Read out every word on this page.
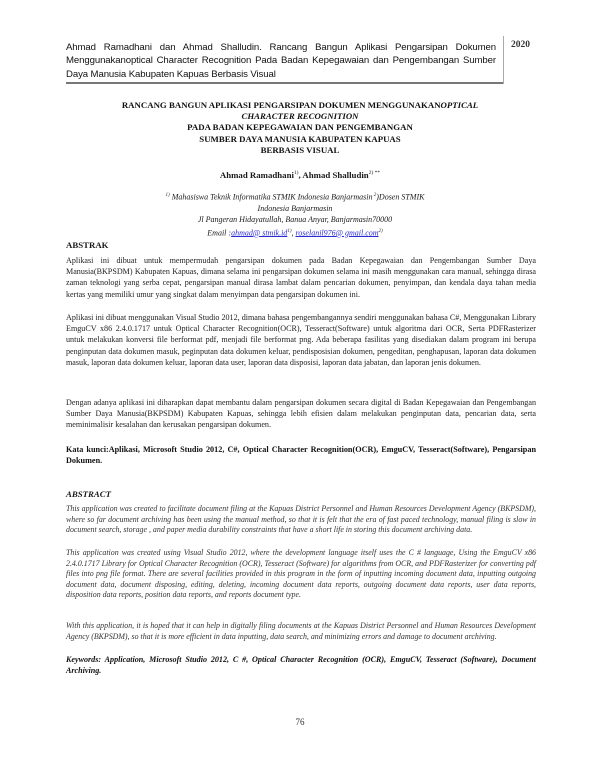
Ahmad Ramadhani dan Ahmad Shalludin. Rancang Bangun Aplikasi Pengarsipan Dokumen Menggunakanoptical Character Recognition Pada Badan Kepegawaian dan Pengembangan Sumber Daya Manusia Kabupaten Kapuas Berbasis Visual
2020
RANCANG BANGUN APLIKASI PENGARSIPAN DOKUMEN MENGGUNAKANOPTICAL
CHARACTER RECOGNITION
PADA BADAN KEPEGAWAIAN DAN PENGEMBANGAN
SUMBER DAYA MANUSIA KABUPATEN KAPUAS
BERBASIS VISUAL
Ahmad Ramadhani$^{1)}$, Ahmad Shalludin$^{2) **}$
$^{1)}$ Mahasiswa Teknik Informatika STMIK Indonesia Banjarmasin $^2$)Dosen STMIK Indonesia Banjarmasin
Jl Pangeran Hidayatullah, Banua Anyar, Banjarmasin70000
Email :ahmad@ $stmik.id^{1)}$, roselanil976@ gmail.com$^{2)}$
ABSTRAK
Aplikasi ini dibuat untuk mempermudah pengarsipan dokumen pada Badan Kepegawaian dan Pengembangan Sumber Daya Manusia(BKPSDM) Kabupaten Kapuas, dimana selama ini pengarsipan dokumen selama ini masih menggunakan cara manual, sehingga dirasa zaman teknologi yang serba cepat, pengarsipan manual dirasa lambat dalam pencarian dokumen, penyimpan, dan kendala daya tahan media kertas yang memiliki umur yang singkat dalam menyimpan data pengarsipan dokumen ini.
Aplikasi ini dibuat menggunakan Visual Studio 2012, dimana bahasa pengembangannya sendiri menggunakan bahasa C#, Menggunakan Library EmguCV x86 2.4.0.1717 untuk Optical Character Recognition(OCR), Tesseract(Software) untuk algoritma dari OCR, Serta PDFRasterizer untuk melakukan konversi file berformat pdf, menjadi file berformat png. Ada beberapa fasilitas yang disediakan dalam program ini berupa penginputan data dokumen masuk, peginputan data dokumen keluar, pendisposisian dokumen, pengeditan, penghapusan, laporan data dokumen masuk, laporan data dokumen keluar, laporan data user, laporan data disposisi, laporan data jabatan, dan laporan jenis dokumen.
Dengan adanya aplikasi ini diharapkan dapat membantu dalam pengarsipan dokumen secara digital di Badan Kepegawaian dan Pengembangan Sumber Daya Manusia(BKPSDM) Kabupaten Kapuas, sehingga lebih efisien dalam melakukan penginputan data, pencarian data, serta meminimalisir kesalahan dan kerusakan pengarsipan dokumen.
Kata kunci:Aplikasi, Microsoft Studio 2012, C#, Optical Character Recognition(OCR), EmguCV, Tesseract(Software), Pengarsipan Dokumen.
ABSTRACT
This application was created to facilitate document filing at the Kapuas District Personnel and Human Resources Development Agency (BKPSDM), where so far document archiving has been using the manual method, so that it is felt that the era of fast paced technology, manual filing is slow in document search, storage , and paper media durability constraints that have a short life in storing this document archiving data.
This application was created using Visual Studio 2012, where the development language itself uses the C # language, Using the EmguCV x86 2.4.0.1717 Library for Optical Character Recognition (OCR), Tesseract (Software) for algorithms from OCR, and PDFRasterizer for converting pdf files into png file format. There are several facilities provided in this program in the form of inputting incoming document data, inputting outgoing document data, document disposing, editing, deleting, incoming document data reports, outgoing document data reports, user data reports, disposition data reports, position data reports, and reports document type.
With this application, it is hoped that it can help in digitally filing documents at the Kapuas District Personnel and Human Resources Development Agency (BKPSDM), so that it is more efficient in data inputting, data search, and minimizing errors and damage to document archiving.
Keywords: Application, Microsoft Studio 2012, C #, Optical Character Recognition (OCR), EmguCV, Tesseract (Software), Document Archiving.
76
